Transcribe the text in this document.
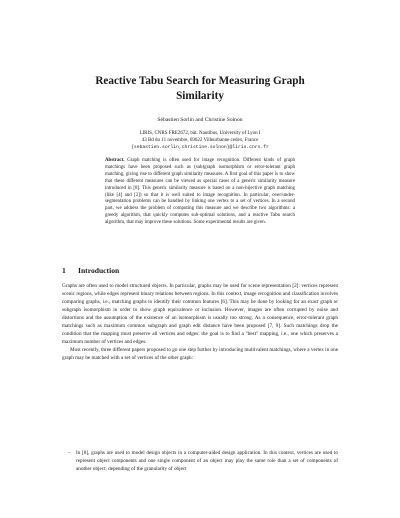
Reactive Tabu Search for Measuring Graph
Similarity
Sébastien Sorlin and Christine Solnon
LIRIS, CNRS FRE2672, bât. Nautibus, University of Lyon I
43 Bd du 11 novembre, 69622 Villeurbanne cedex, France
{sebastien.sorlin,christine.solnon}@liris.cnrs.fr
Abstract. Graph matching is often used for image recognition. Different kinds of graph matchings have been proposed such as (sub)graph isomorphism or error-tolerant graph matching, giving rise to different graph similarity measures. A first goal of this paper is to show that these different measures can be viewed as special cases of a generic similarity measure introduced in [8]. This generic similarity measure is based on a non-bijective graph matching (like [4] and [2]) so that it is well suited to image recognition. In particular, over/under-segmentation problems can be handled by linking one vertex to a set of vertices. In a second part, we address the problem of computing this measure and we describe two algorithms: a greedy algorithm, that quickly computes sub-optimal solutions, and a reactive Tabu search algorithm, that may improve these solutions. Some experimental results are given.
1 Introduction

Graphs are often used to model structured objects. In particular, graphs may be used for scene representation [2]: vertices represent scenic regions, while edges represent binary relations between regions. In this context, image recognition and classification involves comparing graphs, i.e., matching graphs to identify their common features [6]. This may be done by looking for an exact graph or subgraph isomorphism in order to show graph equivalence or inclusion. However, images are often corrupted by noise and distortions and the assumption of the existence of an isomorphism is usually too strong. As a consequence, error-tolerant graph matchings such as maximum common subgraph and graph edit distance have been proposed [7, 9]. Such matchings drop the condition that the mapping must preserve all vertices and edges: the goal is to find a "best" mapping, i.e., one which preserves a maximum number of vertices and edges.

Most recently, three different papers proposed to go one step further by introducing multivalent matchings, where a vertex in one graph may be matched with a set of vertices of the other graph:

– In [8], graphs are used to model design objects in a computer-aided design application. In this context, vertices are used to represent object components and one single component of an object may play the same role than a set of components of another object, depending of the granularity of object
